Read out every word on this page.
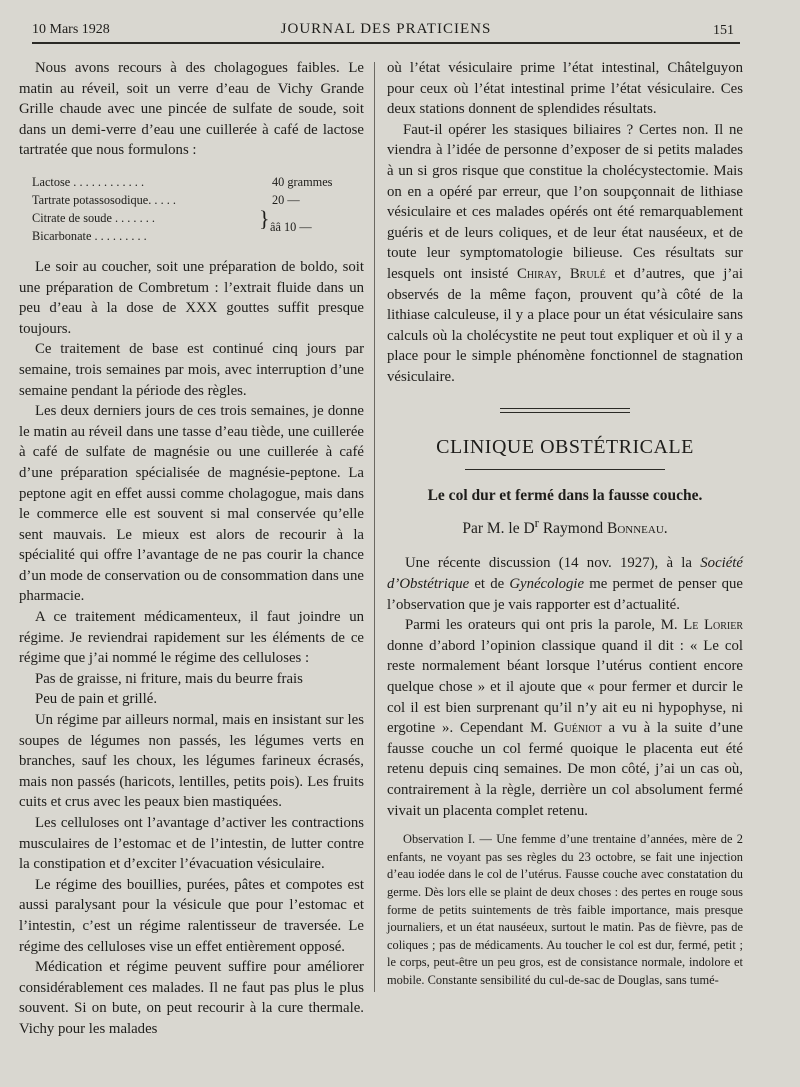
10 Mars 1928	JOURNAL DES PRATICIENS	151

Nous avons recours à des cholagogues faibles. Le matin au réveil, soit un verre d’eau de Vichy Grande Grille chaude avec une pincée de sulfate de soude, soit dans un demi-verre d’eau une cuillerée à café de lactose tartratée que nous formulons :

Lactose . . . . . . . . . . . .	40 grammes
Tartrate potassosodique. . . . .	20 —
Citrate de soude . . . . . . .
Bicarbonate . . . . . . . . .
} ââ 10 —

Le soir au coucher, soit une préparation de boldo, soit une préparation de Combretum : l’extrait fluide dans un peu d’eau à la dose de XXX gouttes suffit presque toujours.

Ce traitement de base est continué cinq jours par semaine, trois semaines par mois, avec interruption d’une semaine pendant la période des règles.

Les deux derniers jours de ces trois semaines, je donne le matin au réveil dans une tasse d’eau tiède, une cuillerée à café de sulfate de magnésie ou une cuillerée à café d’une préparation spécialisée de magnésie-peptone. La peptone agit en effet aussi comme cholagogue, mais dans le commerce elle est souvent si mal conservée qu’elle sent mauvais. Le mieux est alors de recourir à la spécialité qui offre l’avantage de ne pas courir la chance d’un mode de conservation ou de consommation dans une pharmacie.

A ce traitement médicamenteux, il faut joindre un régime. Je reviendrai rapidement sur les éléments de ce régime que j’ai nommé le régime des celluloses :

Pas de graisse, ni friture, mais du beurre frais

Peu de pain et grillé.

Un régime par ailleurs normal, mais en insistant sur les soupes de légumes non passés, les légumes verts en branches, sauf les choux, les légumes farineux écrasés, mais non passés (haricots, lentilles, petits pois). Les fruits cuits et crus avec les peaux bien mastiquées.

Les celluloses ont l’avantage d’activer les contractions musculaires de l’estomac et de l’intestin, de lutter contre la constipation et d’exciter l’évacuation vésiculaire.

Le régime des bouillies, purées, pâtes et compotes est aussi paralysant pour la vésicule que pour l’estomac et l’intestin, c’est un régime ralentisseur de traversée. Le régime des celluloses vise un effet entièrement opposé.

Médication et régime peuvent suffire pour améliorer considérablement ces malades. Il ne faut pas plus le plus souvent. Si on bute, on peut recourir à la cure thermale. Vichy pour les malades

où l’état vésiculaire prime l’état intestinal, Châtelguyon pour ceux où l’état intestinal prime l’état vésiculaire. Ces deux stations donnent de splendides résultats.

Faut-il opérer les stasiques biliaires ? Certes non. Il ne viendra à l’idée de personne d’exposer de si petits malades à un si gros risque que constitue la cholécystectomie. Mais on en a opéré par erreur, que l’on soupçonnait de lithiase vésiculaire et ces malades opérés ont été remarquablement guéris et de leurs coliques, et de leur état nauséeux, et de toute leur symptomatologie bilieuse. Ces résultats sur lesquels ont insisté Chiray, Brulé et d’autres, que j’ai observés de la même façon, prouvent qu’à côté de la lithiase calculeuse, il y a place pour un état vésiculaire sans calculs où la cholécystite ne peut tout expliquer et où il y a place pour le simple phénomène fonctionnel de stagnation vésiculaire.

CLINIQUE OBSTÉTRICALE
Le col dur et fermé dans la fausse couche.
Par M. le $D^r$ Raymond Bonneau.

Une récente discussion (14 nov. 1927), à la Société d’Obstétrique et de Gynécologie me permet de penser que l’observation que je vais rapporter est d’actualité.

Parmi les orateurs qui ont pris la parole, M. Le Lorier donne d’abord l’opinion classique quand il dit : « Le col reste normalement béant lorsque l’utérus contient encore quelque chose » et il ajoute que « pour fermer et durcir le col il est bien surprenant qu’il n’y ait eu ni hypophyse, ni ergotine ». Cependant M. Guéniot a vu à la suite d’une fausse couche un col fermé quoique le placenta eut été retenu depuis cinq semaines. De mon côté, j’ai un cas où, contrairement à la règle, derrière un col absolument fermé vivait un placenta complet retenu.

Observation I. — Une femme d’une trentaine d’années, mère de 2 enfants, ne voyant pas ses règles du 23 octobre, se fait une injection d’eau iodée dans le col de l’utérus. Fausse couche avec constatation du germe. Dès lors elle se plaint de deux choses : des pertes en rouge sous forme de petits suintements de très faible importance, mais presque journaliers, et un état nauséeux, surtout le matin. Pas de fièvre, pas de coliques ; pas de médicaments. Au toucher le col est dur, fermé, petit ; le corps, peut-être un peu gros, est de consistance normale, indolore et mobile. Constante sensibilité du cul-de-sac de Douglas, sans tumé-
